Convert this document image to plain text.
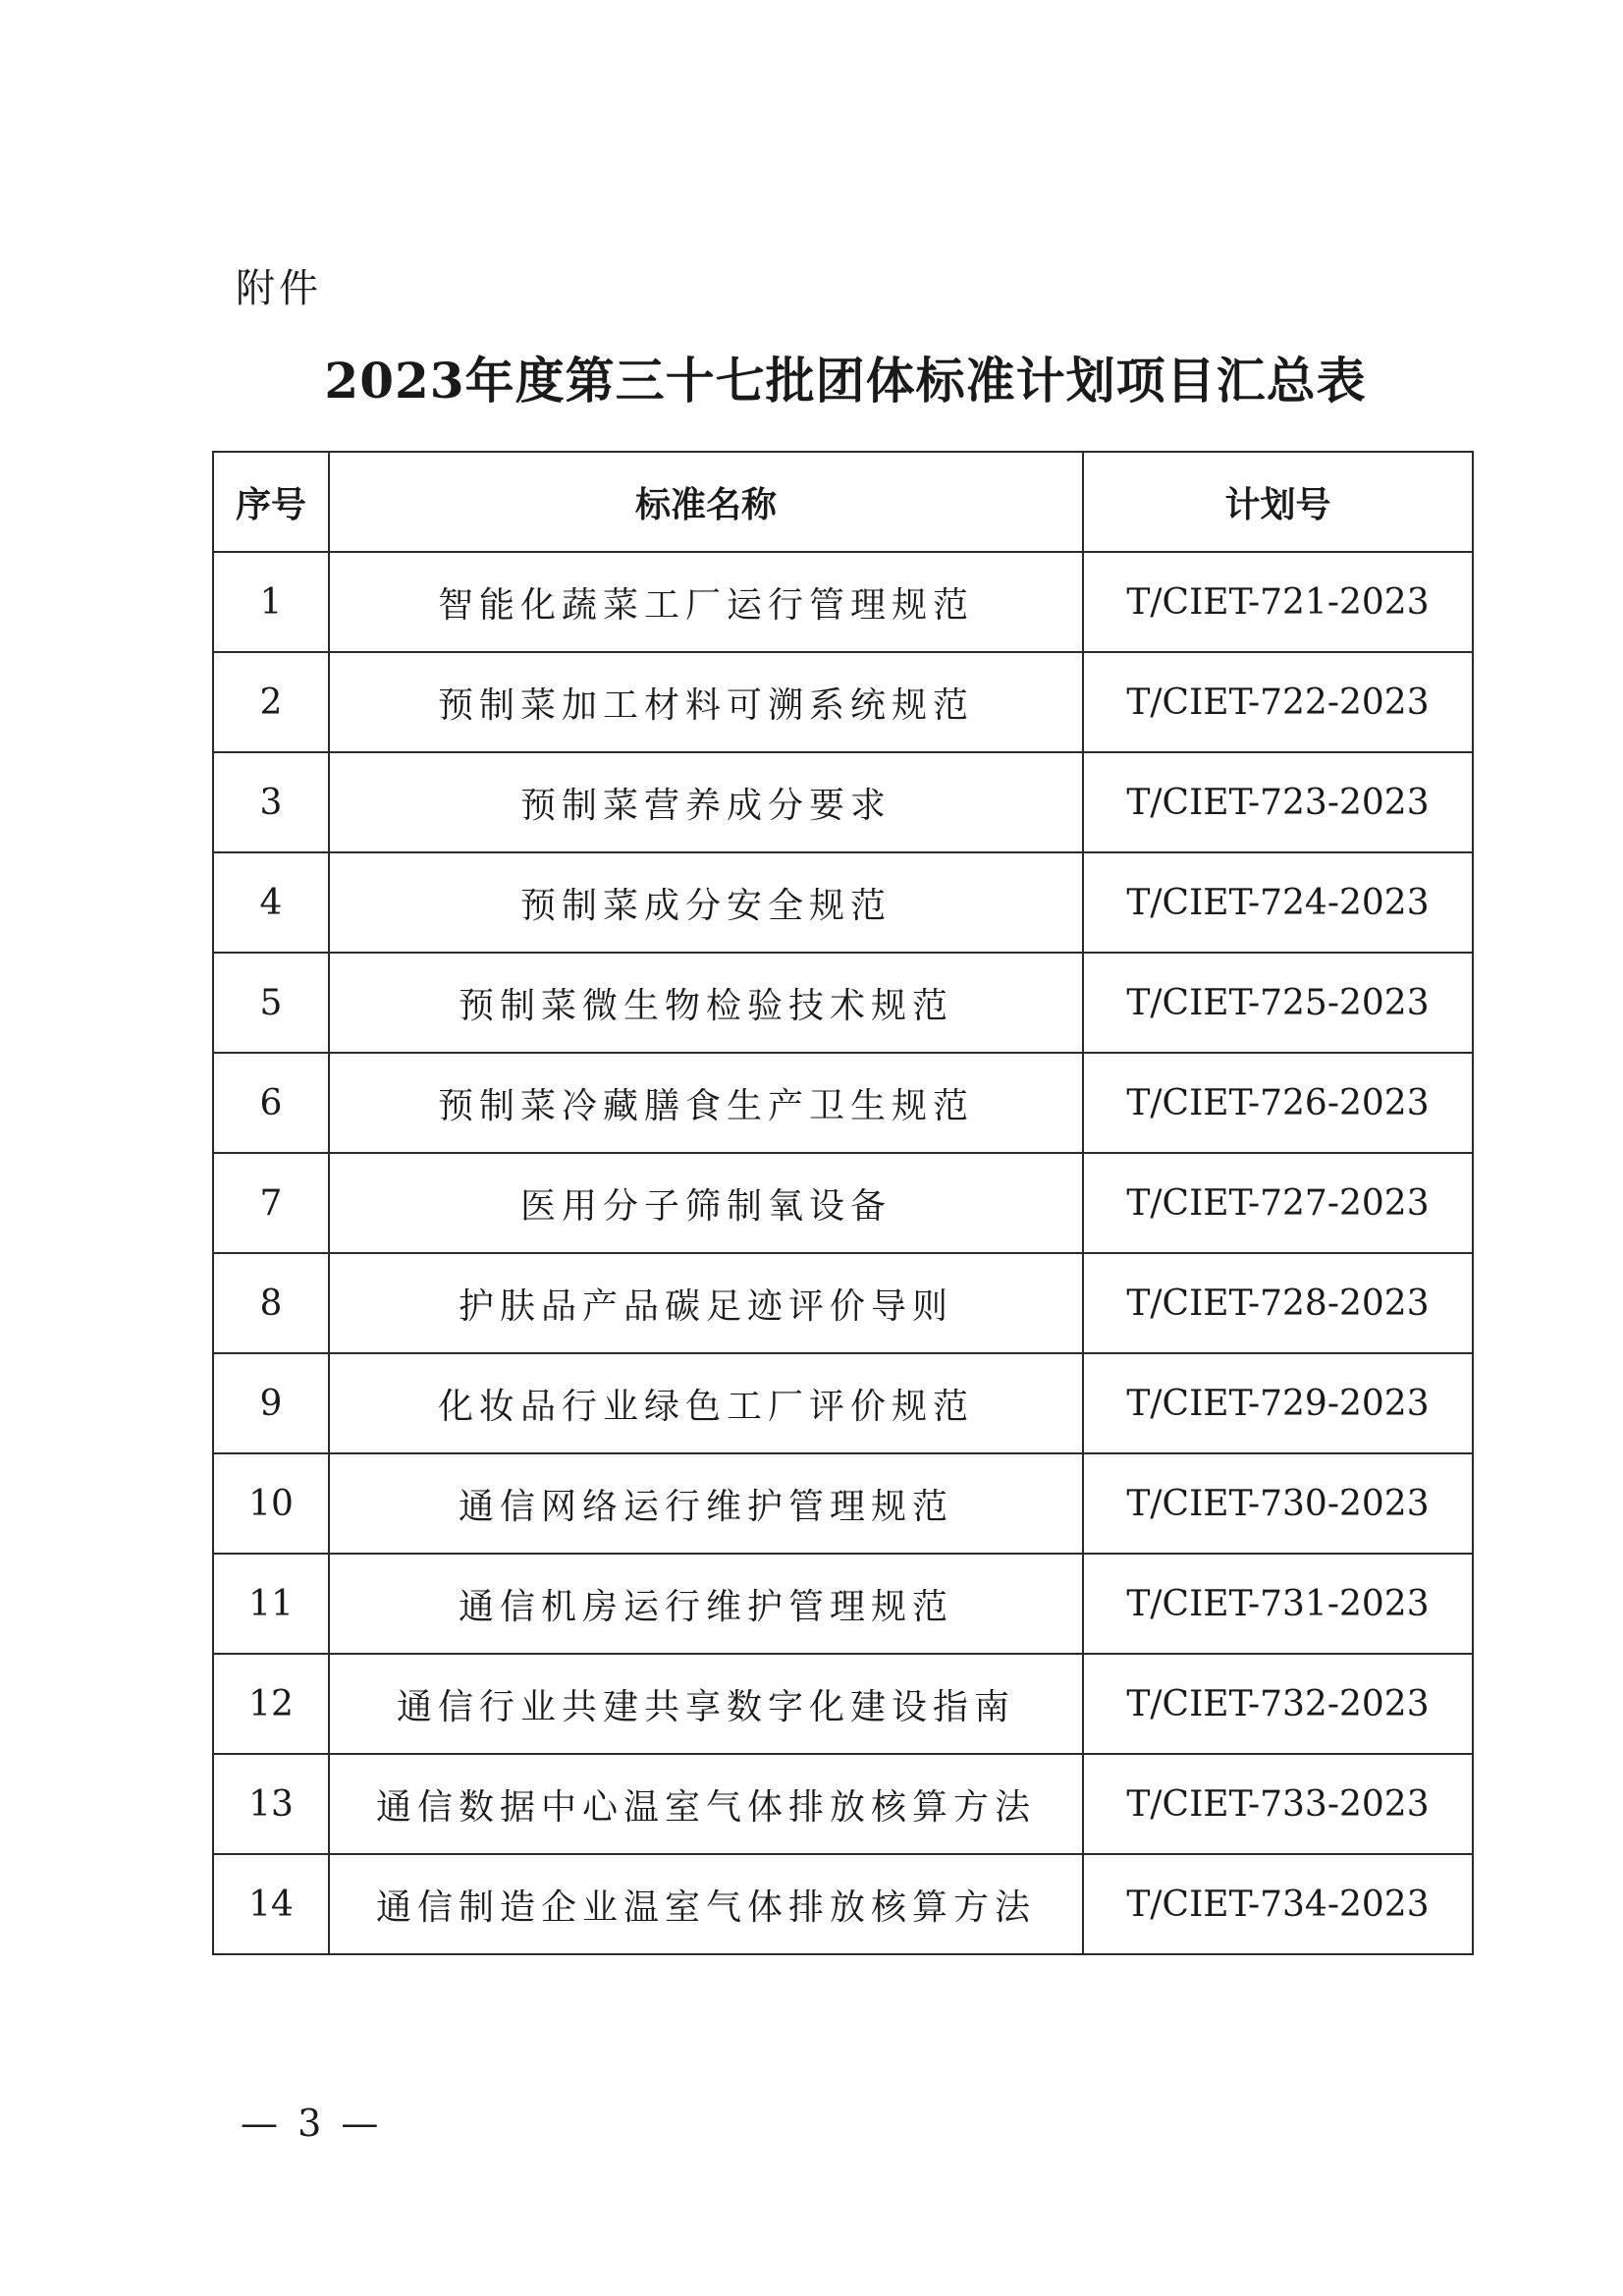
附件
2023年度第三十七批团体标准计划项目汇总表
序号	标准名称	计划号
1	智能化蔬菜工厂运行管理规范	T/CIET-721-2023
2	预制菜加工材料可溯系统规范	T/CIET-722-2023
3	预制菜营养成分要求	T/CIET-723-2023
4	预制菜成分安全规范	T/CIET-724-2023
5	预制菜微生物检验技术规范	T/CIET-725-2023
6	预制菜冷藏膳食生产卫生规范	T/CIET-726-2023
7	医用分子筛制氧设备	T/CIET-727-2023
8	护肤品产品碳足迹评价导则	T/CIET-728-2023
9	化妆品行业绿色工厂评价规范	T/CIET-729-2023
10	通信网络运行维护管理规范	T/CIET-730-2023
11	通信机房运行维护管理规范	T/CIET-731-2023
12	通信行业共建共享数字化建设指南	T/CIET-732-2023
13	通信数据中心温室气体排放核算方法	T/CIET-733-2023
14	通信制造企业温室气体排放核算方法	T/CIET-734-2023
— 3 —
